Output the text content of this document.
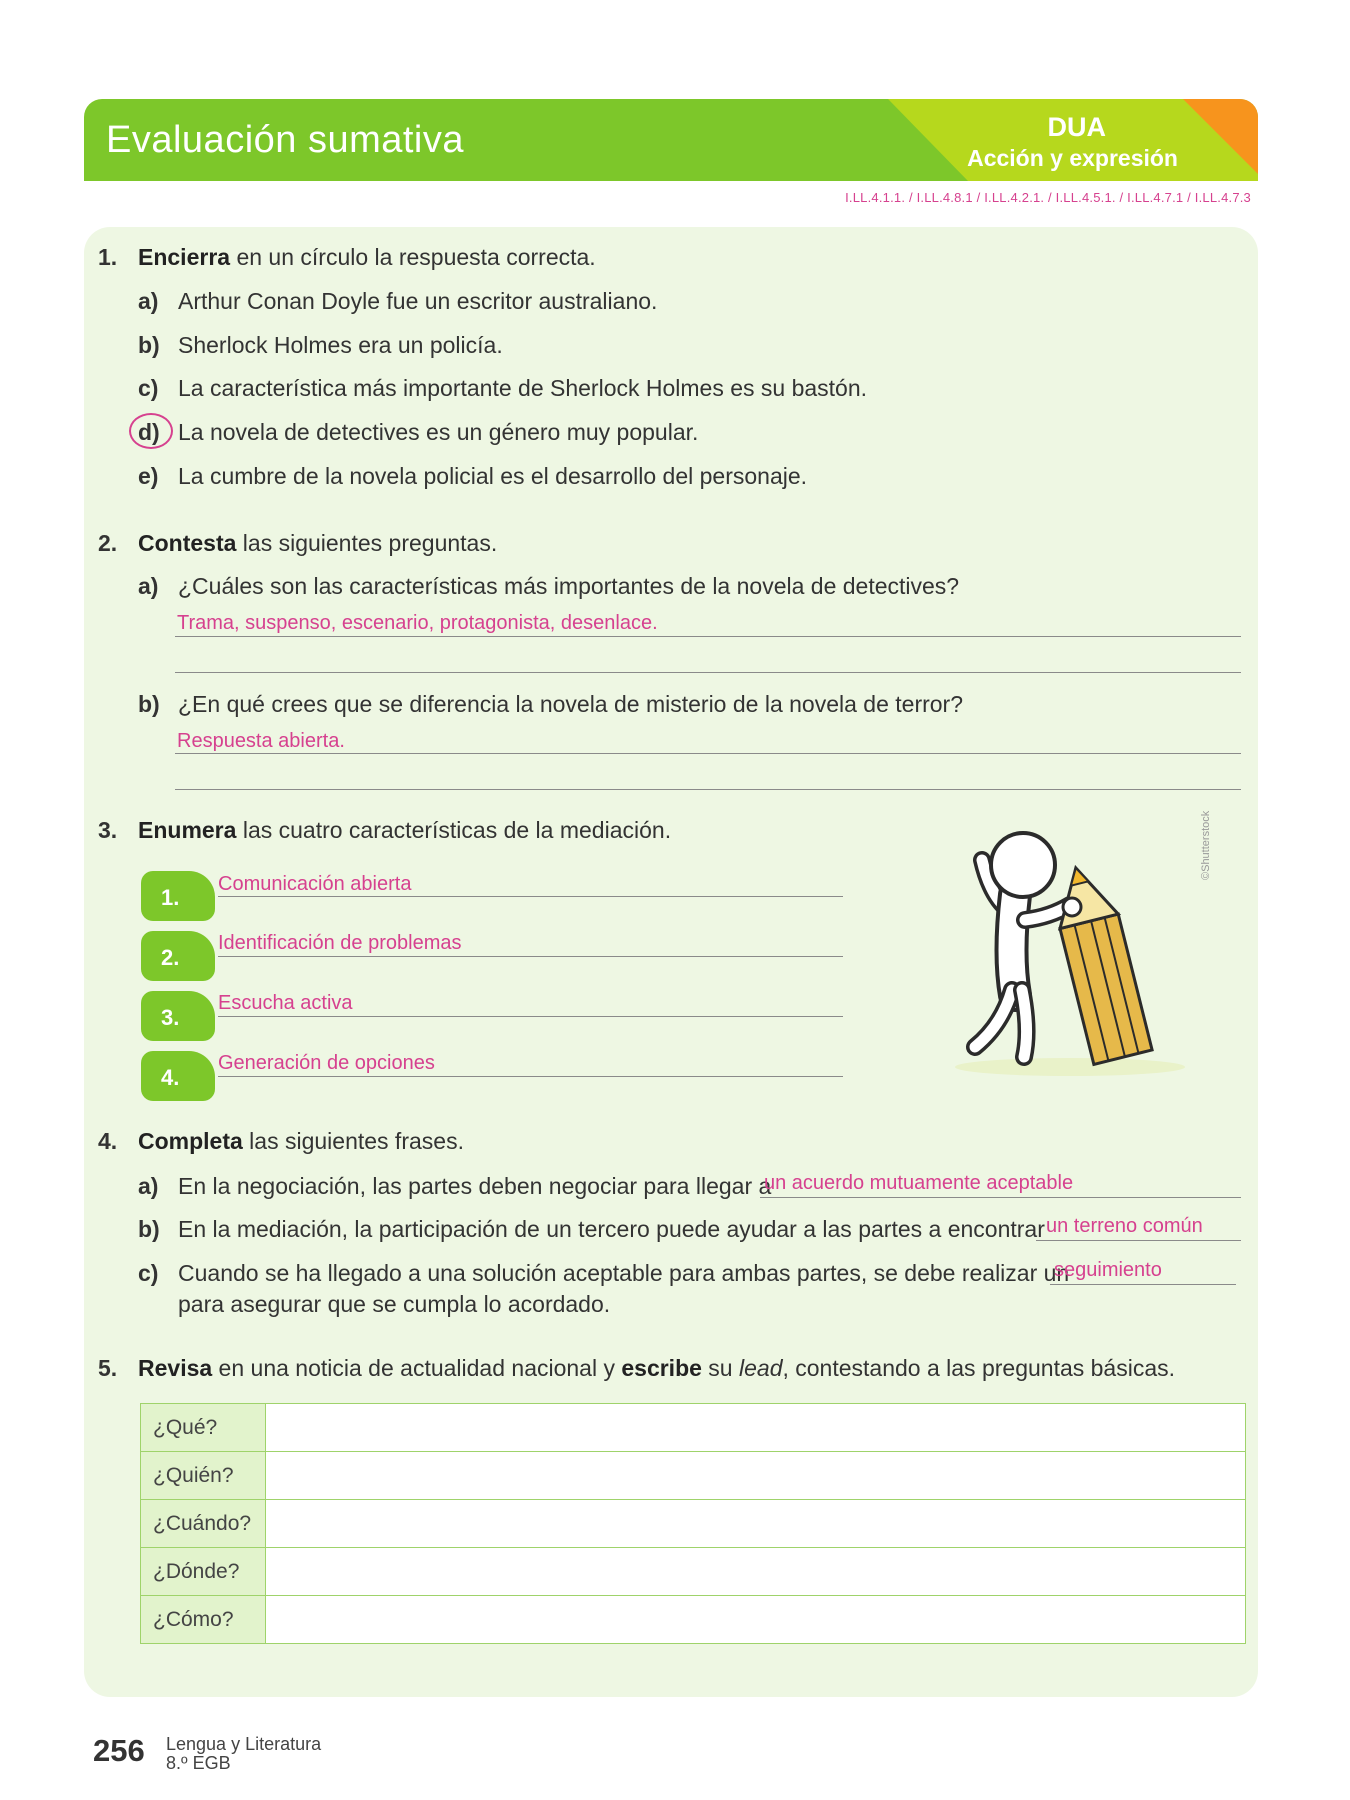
Evaluación sumativa	DUA
Acción y expresión
I.LL.4.1.1. / I.LL.4.8.1 / I.LL.4.2.1. / I.LL.4.5.1. / I.LL.4.7.1 / I.LL.4.7.3
1. Encierra en un círculo la respuesta correcta.
a) Arthur Conan Doyle fue un escritor australiano.
b) Sherlock Holmes era un policía.
c) La característica más importante de Sherlock Holmes es su bastón.
d) La novela de detectives es un género muy popular.
e) La cumbre de la novela policial es el desarrollo del personaje.
2. Contesta las siguientes preguntas.
a) ¿Cuáles son las características más importantes de la novela de detectives?
Trama, suspenso, escenario, protagonista, desenlace.
b) ¿En qué crees que se diferencia la novela de misterio de la novela de terror?
Respuesta abierta.
3. Enumera las cuatro características de la mediación.
1.
Comunicación abierta
2.
Identificación de problemas
3.
Escucha activa
4.
Generación de opciones
©Shutterstock
4. Completa las siguientes frases.
a) En la negociación, las partes deben negociar para llegar a
un acuerdo mutuamente aceptable
b) En la mediación, la participación de un tercero puede ayudar a las partes a encontrar un terreno común
c) Cuando se ha llegado a una solución aceptable para ambas partes, se debe realizar un
seguimiento
para asegurar que se cumpla lo acordado.
5. Revisa en una noticia de actualidad nacional y escribe su lead, contestando a las preguntas básicas.
¿Qué?	
¿Quién?	
¿Cuándo?	
¿Dónde?	
¿Cómo?	
256 Lengua y Literatura
8.º EGB
